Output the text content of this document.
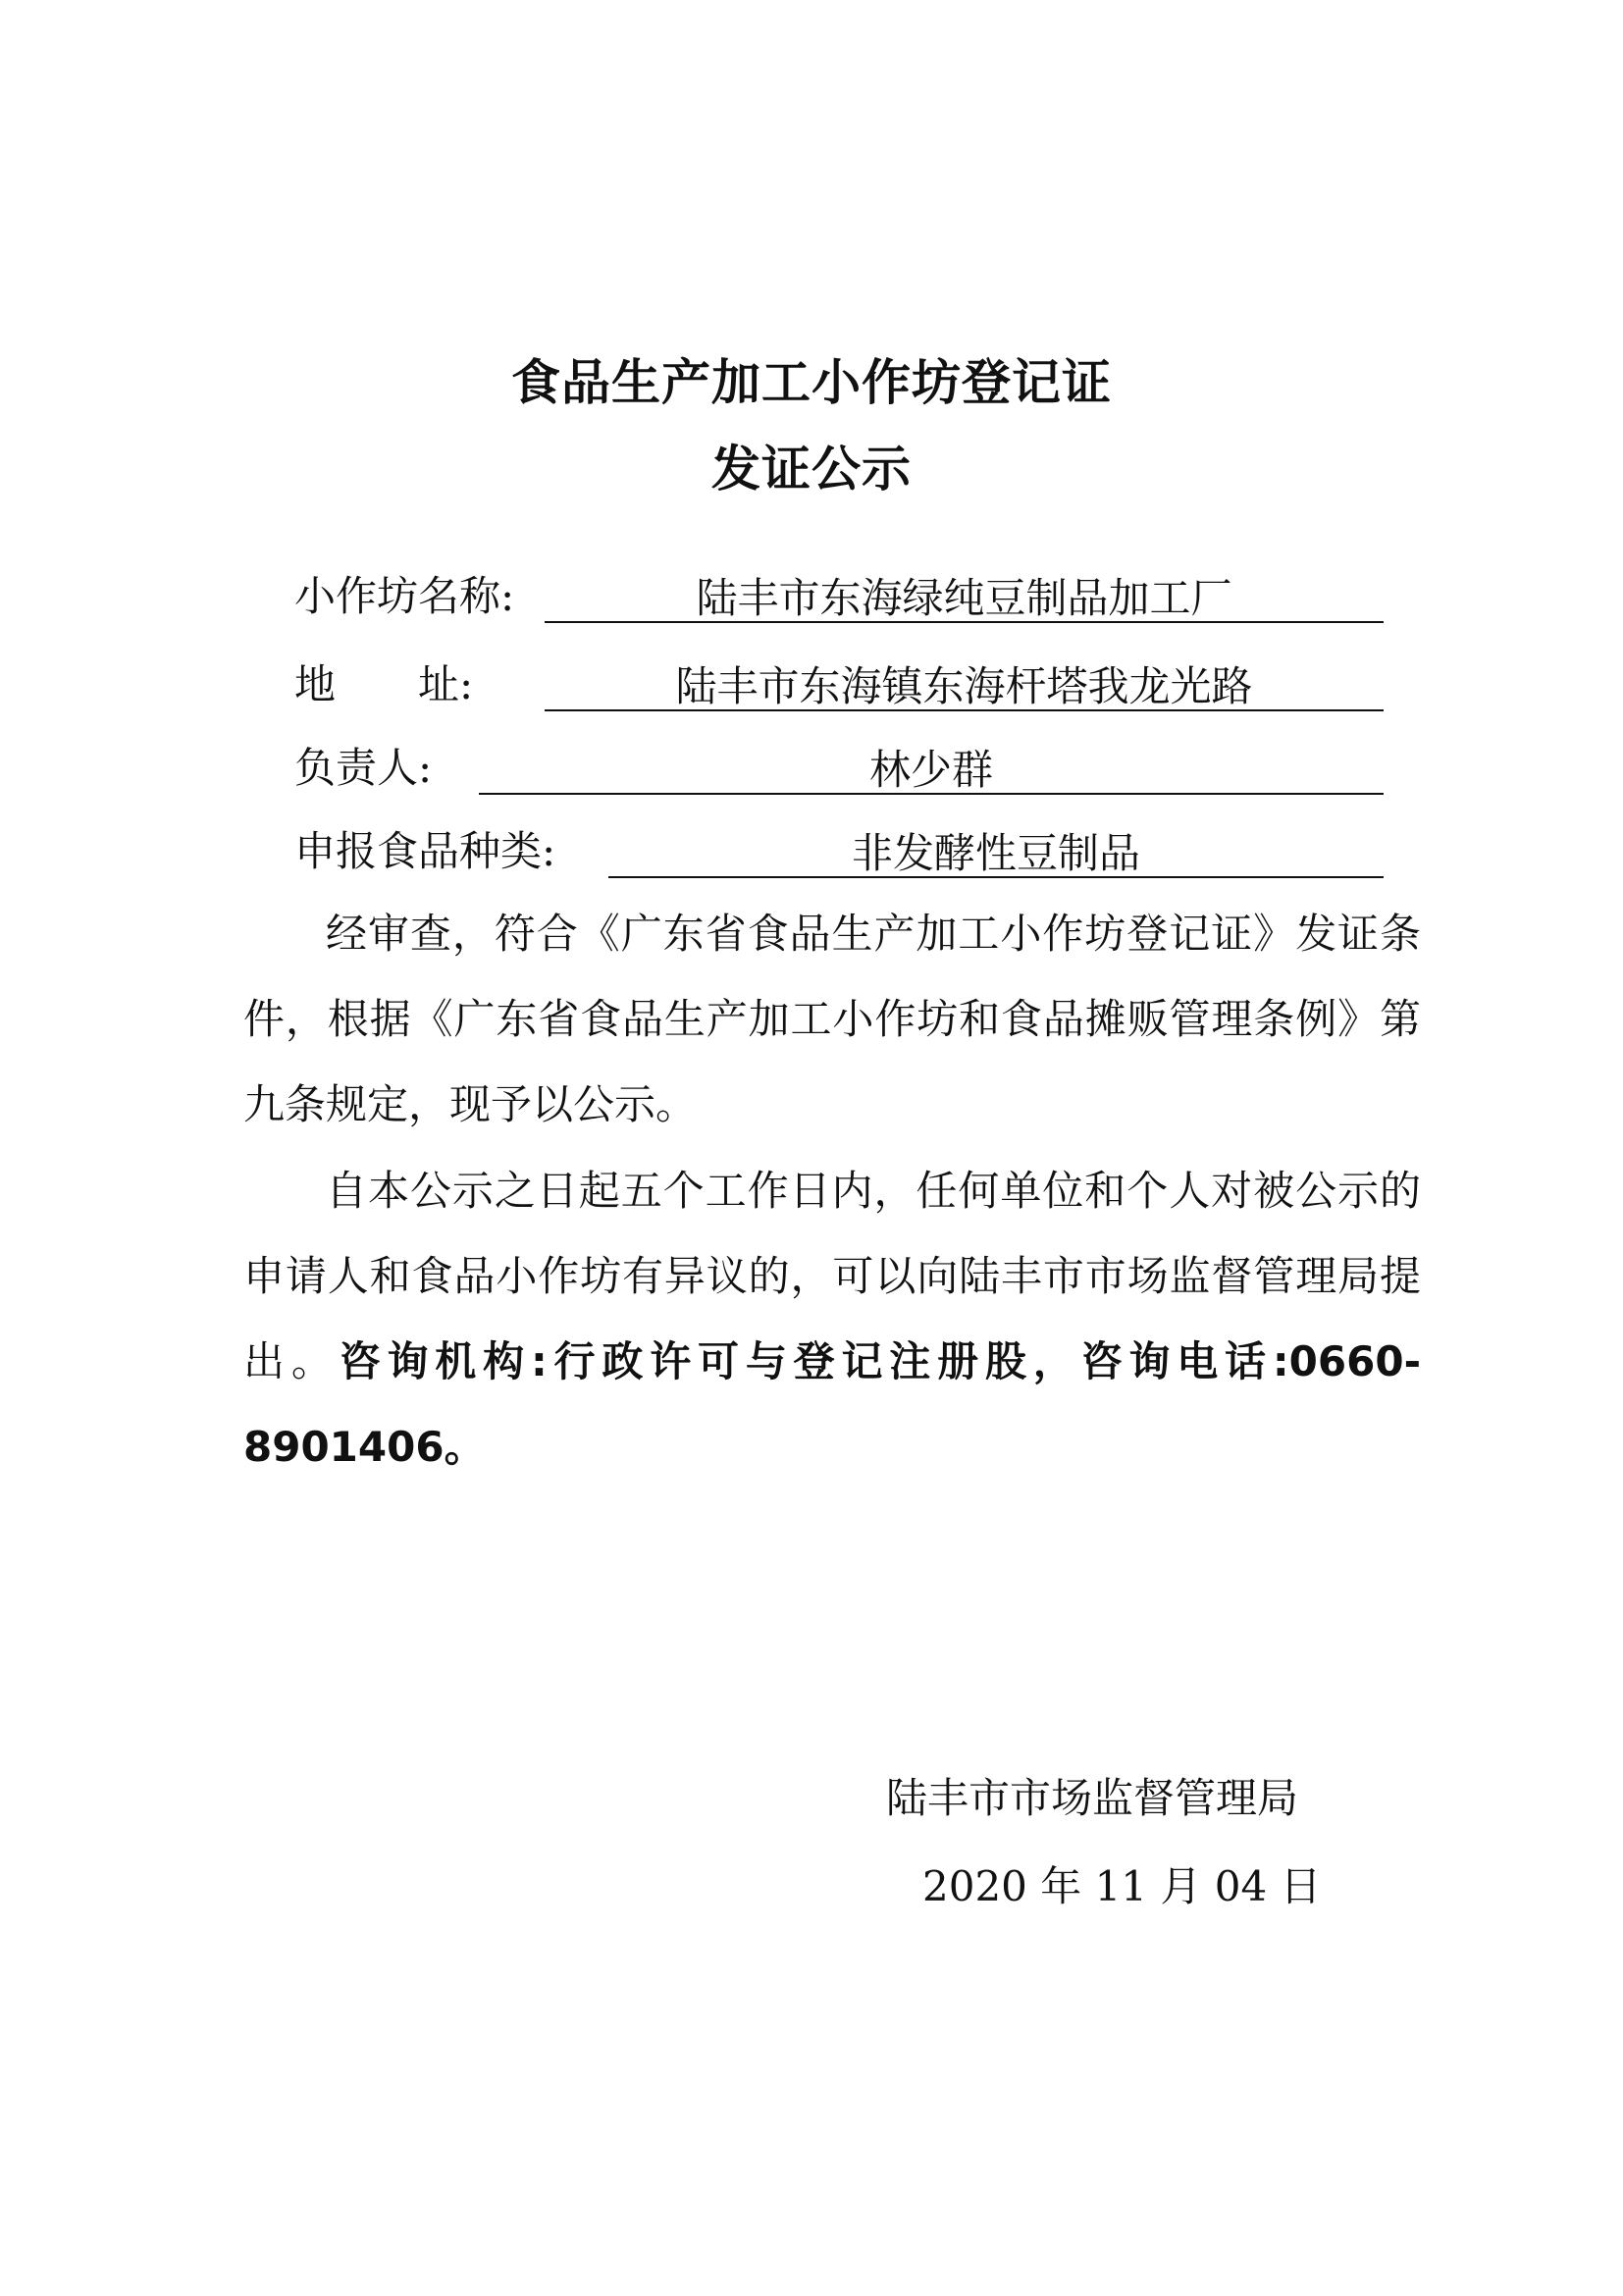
食品生产加工小作坊登记证
发证公示
小作坊名称:	陆丰市东海绿纯豆制品加工厂
地　　址:	陆丰市东海镇东海杆塔我龙光路
负责人:	林少群
申报食品种类:	非发酵性豆制品

经审查，符合《广东省食品生产加工小作坊登记证》发证条件，根据《广东省食品生产加工小作坊和食品摊贩管理条例》第九条规定，现予以公示。

自本公示之日起五个工作日内，任何单位和个人对被公示的申请人和食品小作坊有异议的，可以向陆丰市市场监督管理局提出。咨询机构:行政许可与登记注册股，咨询电话:0660-8901406。

陆丰市市场监督管理局
2020 年 11 月 04 日
